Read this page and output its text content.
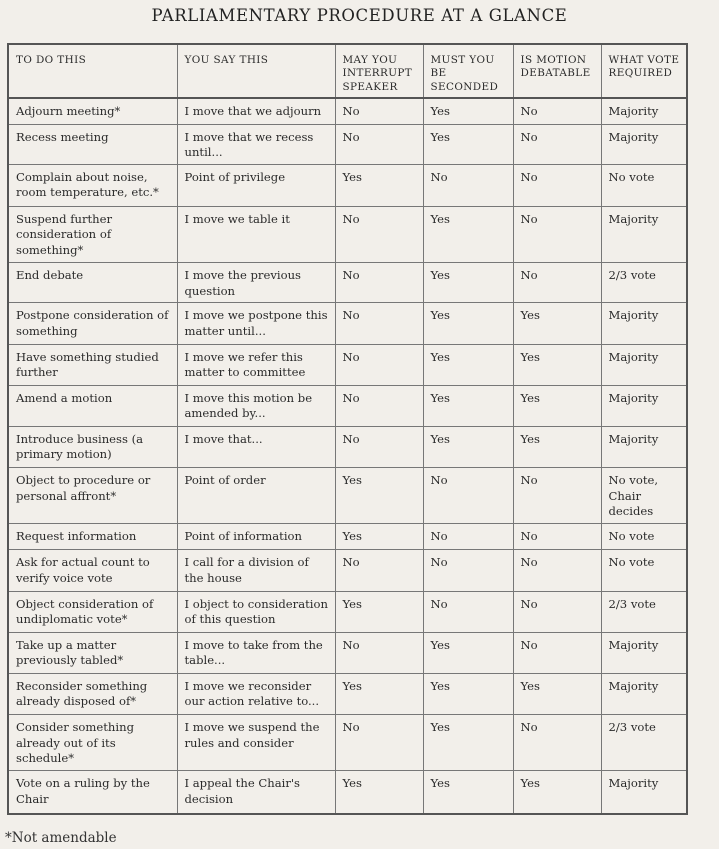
PARLIAMENTARY PROCEDURE AT A GLANCE
TO DO THIS	YOU SAY THIS	MAY YOU INTERRUPT SPEAKER	MUST YOU BE SECONDED	IS MOTION DEBATABLE	WHAT VOTE REQUIRED
Adjourn meeting*	I move that we adjourn	No	Yes	No	Majority
Recess meeting	I move that we recess until...	No	Yes	No	Majority
Complain about noise, room temperature, etc.*	Point of privilege	Yes	No	No	No vote
Suspend further consideration of something*	I move we table it	No	Yes	No	Majority
End debate	I move the previous question	No	Yes	No	2/3 vote
Postpone consideration of something	I move we postpone this matter until...	No	Yes	Yes	Majority
Have something studied further	I move we refer this matter to committee	No	Yes	Yes	Majority
Amend a motion	I move this motion be amended by...	No	Yes	Yes	Majority
Introduce business (a primary motion)	I move that...	No	Yes	Yes	Majority
Object to procedure or personal affront*	Point of order	Yes	No	No	No vote, Chair decides
Request information	Point of information	Yes	No	No	No vote
Ask for actual count to verify voice vote	I call for a division of the house	No	No	No	No vote
Object consideration of undiplomatic vote*	I object to consideration of this question	Yes	No	No	2/3 vote
Take up a matter previously tabled*	I move to take from the table...	No	Yes	No	Majority
Reconsider something already disposed of*	I move we reconsider our action relative to...	Yes	Yes	Yes	Majority
Consider something already out of its schedule*	I move we suspend the rules and consider	No	Yes	No	2/3 vote
Vote on a ruling by the Chair	I appeal the Chair's decision	Yes	Yes	Yes	Majority
*Not amendable
